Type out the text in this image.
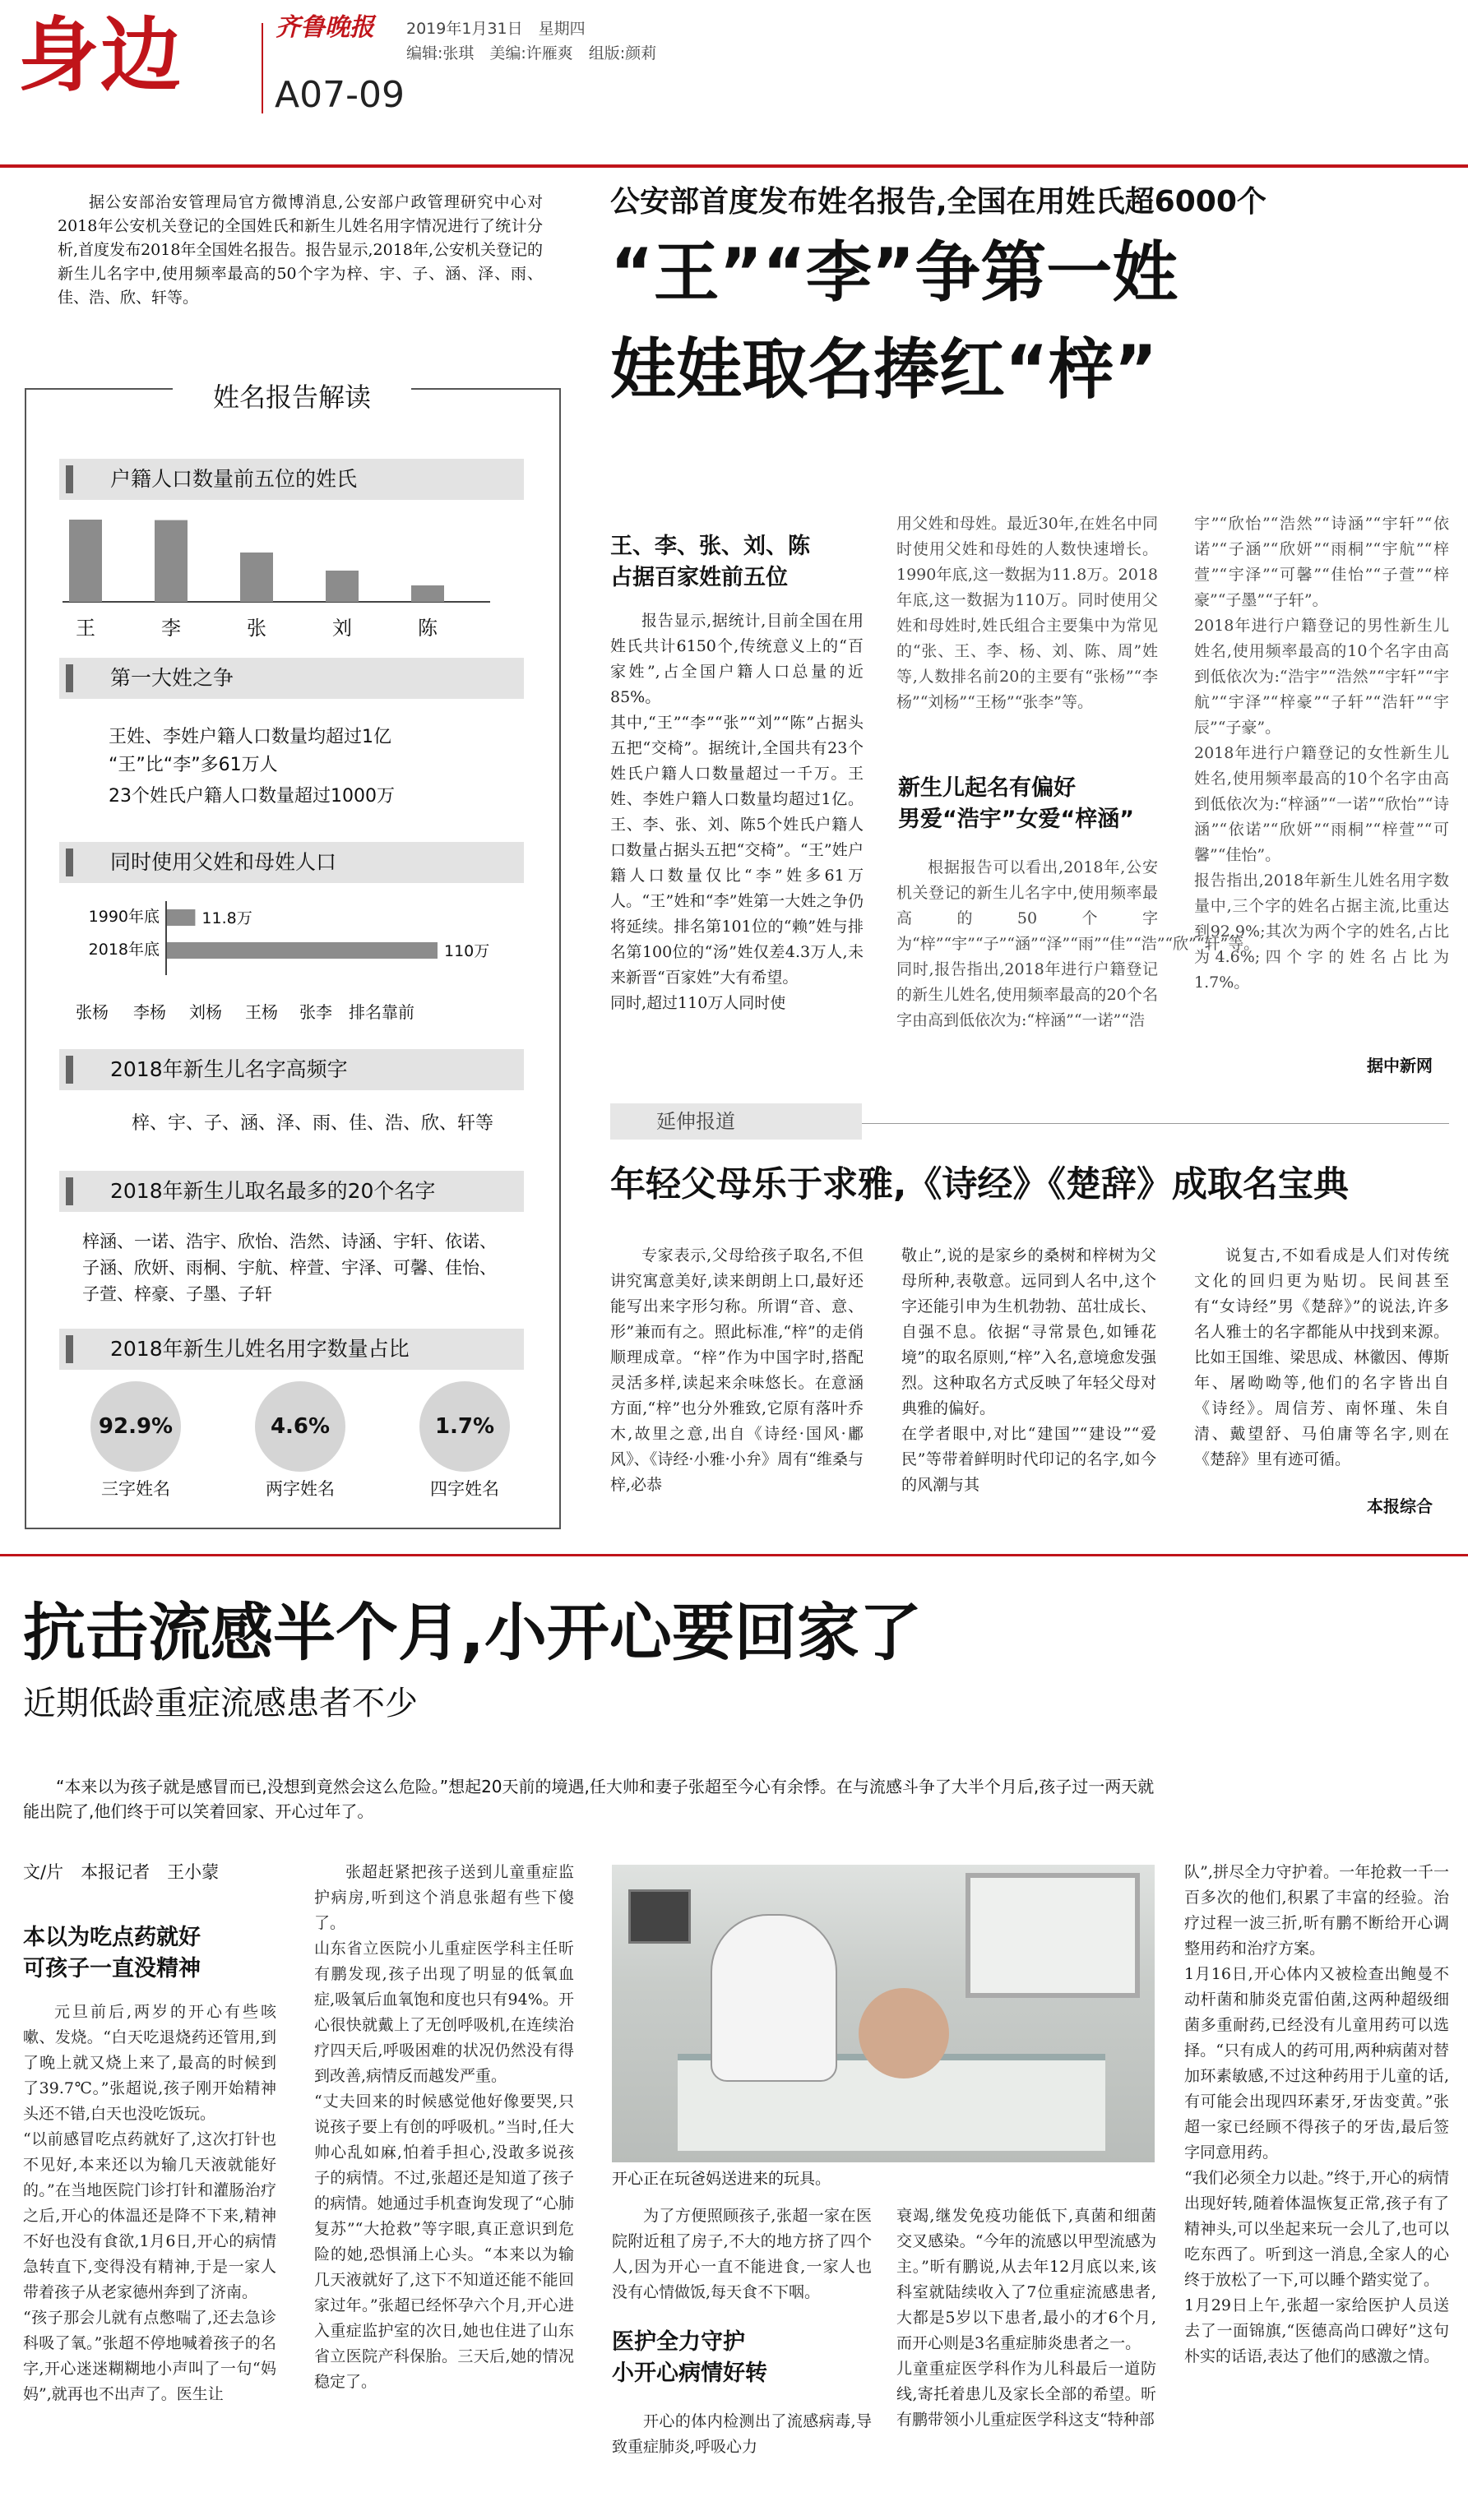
身边	齐鲁晚报 2019年1月31日　星期四
编辑:张琪　美编:许雁爽　组版:颜莉
A07-09
据公安部治安管理局官方微博消息,公安部户政管理研究中心对2018年公安机关登记的全国姓氏和新生儿姓名用字情况进行了统计分析,首度发布2018年全国姓名报告。报告显示,2018年,公安机关登记的新生儿名字中,使用频率最高的50个字为梓、宇、子、涵、泽、雨、佳、浩、欣、轩等。
公安部首度发布姓名报告,全国在用姓氏超6000个
“王”“李”争第一姓
娃娃取名捧红“梓”
王、李、张、刘、陈
占据百家姓前五位
报告显示,据统计,目前全国在用姓氏共计6150个,传统意义上的“百家姓”,占全国户籍人口总量的近85%。
其中,“王”“李”“张”“刘”“陈”占据头五把“交椅”。据统计,全国共有23个姓氏户籍人口数量超过一千万。王姓、李姓户籍人口数量均超过1亿。王、李、张、刘、陈5个姓氏户籍人口数量占据头五把“交椅”。“王”姓户籍人口数量仅比“李”姓多61万人。“王”姓和“李”姓第一大姓之争仍将延续。排名第101位的“赖”姓与排名第100位的“汤”姓仅差4.3万人,未来新晋“百家姓”大有希望。
同时,超过110万人同时使
用父姓和母姓。最近30年,在姓名中同时使用父姓和母姓的人数快速增长。1990年底,这一数据为11.8万。2018年底,这一数据为110万。同时使用父姓和母姓时,姓氏组合主要集中为常见的“张、王、李、杨、刘、陈、周”姓等,人数排名前20的主要有“张杨”“李杨”“刘杨”“王杨”“张李”等。
新生儿起名有偏好
男爱“浩宇”女爱“梓涵”
根据报告可以看出,2018年,公安机关登记的新生儿名字中,使用频率最高的50个字为“梓”“宇”“子”“涵”“泽”“雨”“佳”“浩”“欣”“轩”等。
同时,报告指出,2018年进行户籍登记的新生儿姓名,使用频率最高的20个名字由高到低依次为:“梓涵”“一诺”“浩
宇”“欣怡”“浩然”“诗涵”“宇轩”“依诺”“子涵”“欣妍”“雨桐”“宇航”“梓萱”“宇泽”“可馨”“佳怡”“子萱”“梓豪”“子墨”“子轩”。
2018年进行户籍登记的男性新生儿姓名,使用频率最高的10个名字由高到低依次为:“浩宇”“浩然”“宇轩”“宇航”“宇泽”“梓豪”“子轩”“浩轩”“宇辰”“子豪”。
2018年进行户籍登记的女性新生儿姓名,使用频率最高的10个名字由高到低依次为:“梓涵”“一诺”“欣怡”“诗涵”“依诺”“欣妍”“雨桐”“梓萱”“可馨”“佳怡”。
报告指出,2018年新生儿姓名用字数量中,三个字的姓名占据主流,比重达到92.9%;其次为两个字的姓名,占比为4.6%;四个字的姓名占比为1.7%。
据中新网
姓名报告解读
户籍人口数量前五位的姓氏
王	李	张	刘	陈
第一大姓之争
王姓、李姓户籍人口数量均超过1亿
“王”比“李”多61万人
23个姓氏户籍人口数量超过1000万
同时使用父姓和母姓人口
1990年底	11.8万
2018年底	110万
张杨 李杨 刘杨 王杨 张李 排名靠前
2018年新生儿名字高频字
梓、宇、子、涵、泽、雨、佳、浩、欣、轩等
2018年新生儿取名最多的20个名字
梓涵、一诺、浩宇、欣怡、浩然、诗涵、宇轩、依诺、子涵、欣妍、雨桐、宇航、梓萱、宇泽、可馨、佳怡、子萱、梓豪、子墨、子轩
2018年新生儿姓名用字数量占比
92.9%	4.6%	1.7%
三字姓名	两字姓名	四字姓名
延伸报道
年轻父母乐于求雅,《诗经》《楚辞》成取名宝典
专家表示,父母给孩子取名,不但讲究寓意美好,读来朗朗上口,最好还能写出来字形匀称。所谓“音、意、形”兼而有之。照此标准,“梓”的走俏顺理成章。“梓”作为中国字时,搭配灵活多样,读起来余味悠长。在意涵方面,“梓”也分外雅致,它原有落叶乔木,故里之意,出自《诗经·国风·鄘风》、《诗经·小雅·小弁》周有“维桑与梓,必恭
敬止”,说的是家乡的桑树和梓树为父母所种,表敬意。远同到人名中,这个字还能引申为生机勃勃、茁壮成长、自强不息。依据“寻常景色,如锤花境”的取名原则,“梓”入名,意境愈发强烈。这种取名方式反映了年轻父母对典雅的偏好。
在学者眼中,对比“建国”“建设”“爱民”等带着鲜明时代印记的名字,如今的风潮与其
说复古,不如看成是人们对传统文化的回归更为贴切。民间甚至有“女诗经”男《楚辞》”的说法,许多名人雅士的名字都能从中找到来源。比如王国维、梁思成、林徽因、傅斯年、屠呦呦等,他们的名字皆出自《诗经》。周信芳、南怀瑾、朱自清、戴望舒、马伯庸等名字,则在《楚辞》里有迹可循。
本报综合
抗击流感半个月,小开心要回家了
近期低龄重症流感患者不少
“本来以为孩子就是感冒而已,没想到竟然会这么危险。”想起20天前的境遇,任大帅和妻子张超至今心有余悸。在与流感斗争了大半个月后,孩子过一两天就能出院了,他们终于可以笑着回家、开心过年了。
文/片　本报记者　王小蒙
本以为吃点药就好
可孩子一直没精神
元旦前后,两岁的开心有些咳嗽、发烧。“白天吃退烧药还管用,到了晚上就又烧上来了,最高的时候到了39.7℃。”张超说,孩子刚开始精神头还不错,白天也没吃饭玩。
“以前感冒吃点药就好了,这次打针也不见好,本来还以为输几天液就能好的。”在当地医院门诊打针和灌肠治疗之后,开心的体温还是降不下来,精神不好也没有食欲,1月6日,开心的病情急转直下,变得没有精神,于是一家人带着孩子从老家德州奔到了济南。
“孩子那会儿就有点憋喘了,还去急诊科吸了氧。”张超不停地喊着孩子的名字,开心迷迷糊糊地小声叫了一句“妈妈”,就再也不出声了。医生让
张超赶紧把孩子送到儿童重症监护病房,听到这个消息张超有些下傻了。
山东省立医院小儿重症医学科主任昕有鹏发现,孩子出现了明显的低氧血症,吸氧后血氧饱和度也只有94%。开心很快就戴上了无创呼吸机,在连续治疗四天后,呼吸困难的状况仍然没有得到改善,病情反而越发严重。
“丈夫回来的时候感觉他好像要哭,只说孩子要上有创的呼吸机。”当时,任大帅心乱如麻,怕着手担心,没敢多说孩子的病情。不过,张超还是知道了孩子的病情。她通过手机查询发现了“心肺复苏”“大抢救”等字眼,真正意识到危险的她,恐惧涌上心头。“本来以为输几天液就好了,这下不知道还能不能回家过年。”张超已经怀孕六个月,开心进入重症监护室的次日,她也住进了山东省立医院产科保胎。三天后,她的情况稳定了。
开心正在玩爸妈送进来的玩具。
为了方便照顾孩子,张超一家在医院附近租了房子,不大的地方挤了四个人,因为开心一直不能进食,一家人也没有心情做饭,每天食不下咽。
医护全力守护
小开心病情好转
开心的体内检测出了流感病毒,导致重症肺炎,呼吸心力
衰竭,继发免疫功能低下,真菌和细菌交叉感染。“今年的流感以甲型流感为主。”昕有鹏说,从去年12月底以来,该科室就陆续收入了7位重症流感患者,大都是5岁以下患者,最小的才6个月,而开心则是3名重症肺炎患者之一。
儿童重症医学科作为儿科最后一道防线,寄托着患儿及家长全部的希望。昕有鹏带领小儿重症医学科这支“特种部
队”,拼尽全力守护着。一年抢救一千一百多次的他们,积累了丰富的经验。治疗过程一波三折,昕有鹏不断给开心调整用药和治疗方案。
1月16日,开心体内又被检查出鲍曼不动杆菌和肺炎克雷伯菌,这两种超级细菌多重耐药,已经没有儿童用药可以选择。“只有成人的药可用,两种病菌对替加环素敏感,不过这种药用于儿童的话,有可能会出现四环素牙,牙齿变黄。”张超一家已经顾不得孩子的牙齿,最后签字同意用药。
“我们必须全力以赴。”终于,开心的病情出现好转,随着体温恢复正常,孩子有了精神头,可以坐起来玩一会儿了,也可以吃东西了。听到这一消息,全家人的心终于放松了一下,可以睡个踏实觉了。
1月29日上午,张超一家给医护人员送去了一面锦旗,“医德高尚口碑好”这句朴实的话语,表达了他们的感激之情。
